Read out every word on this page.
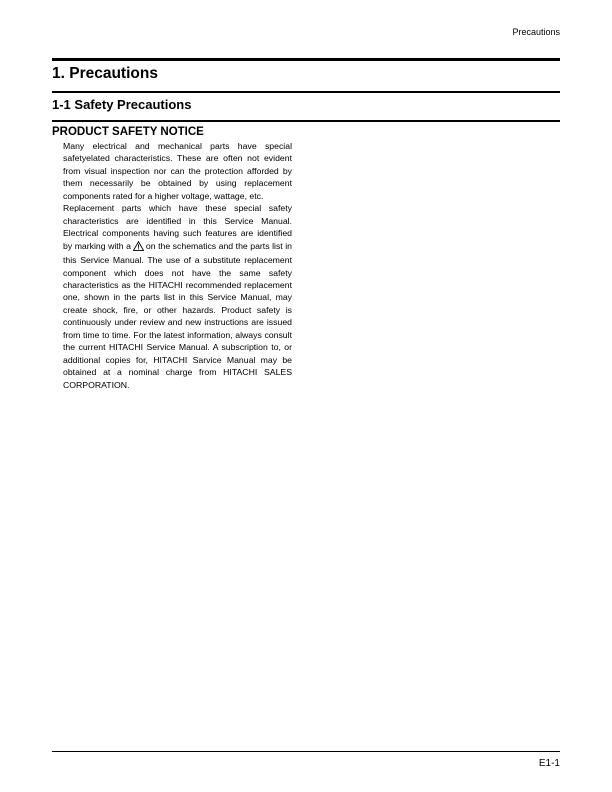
Precautions
1. Precautions
1-1 Safety Precautions
PRODUCT SAFETY NOTICE

Many electrical and mechanical parts have special safetyelated characteristics. These are often not evident from visual inspection nor can the protection afforded by them necessarily be obtained by using replacement components rated for a higher voltage, wattage, etc.

Replacement parts which have these special safety characteristics are identified in this Service Manual. Electrical components having such features are identified by marking with a on the schematics and the parts list in this Service Manual. The use of a substitute replacement component which does not have the same safety characteristics as the HITACHI recommended replacement one, shown in the parts list in this Service Manual, may create shock, fire, or other hazards. Product safety is continuously under review and new instructions are issued from time to time. For the latest information, always consult the current HITACHI Service Manual. A subscription to, or additional copies for, HITACHI Sarvice Manual may be obtained at a nominal charge from HITACHI SALES CORPORATION.

E1-1
